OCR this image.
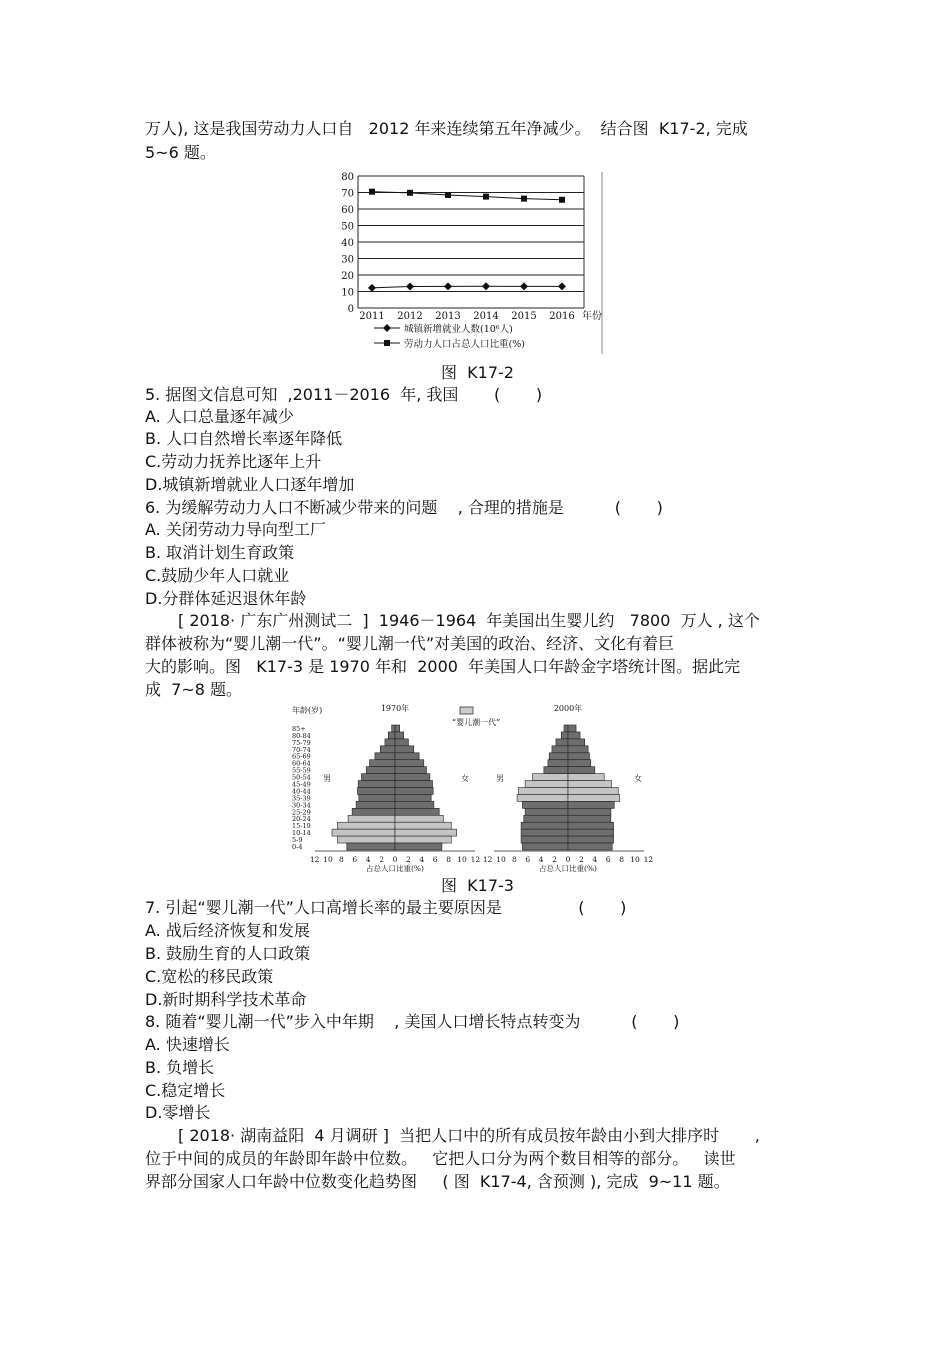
万人), 这是我国劳动力人口自   2012 年来连续第五年净减少。  结合图  K17-2, 完成
5~6 题。
0
10
20
30
40
50
60
70
80
2011 2012 2013 2014 2015 2016 年份
城镇新增就业人数(10⁶人)
劳动力人口占总人口比重(%)
图  K17-2
5. 据图文信息可知  ,2011－2016  年, 我国       (       )
A. 人口总量逐年减少
B. 人口自然增长率逐年降低
C.劳动力抚养比逐年上升
D.城镇新增就业人口逐年增加
6. 为缓解劳动力人口不断减少带来的问题    , 合理的措施是          (       )
A. 关闭劳动力导向型工厂
B. 取消计划生育政策
C.鼓励少年人口就业
D.分群体延迟退休年龄
[ 2018· 广东广州测试二  ]  1946－1964  年美国出生婴儿约   7800  万人 , 这个
群体被称为“婴儿潮一代”。“婴儿潮一代”对美国的政治、经济、文化有着巨
大的影响。图   K17-3 是 1970 年和  2000  年美国人口年龄金字塔统计图。据此完
成  7~8 题。
年龄(岁)
85+
80-84
75-79
70-74
65-69
60-64
55-59
50-54
45-49
40-44
35-39
30-34
25-29
20-24
15-19
10-14
5-9
0-4
“婴儿潮一代”
1970年
男	女
12 10 8 6 4 2 0 2 4 6 8 10 12
占总人口比重(%)
2000年
男	女
12 10 8 6 4 2 0 2 4 6 8 10 12
占总人口比重(%)
图  K17-3
7. 引起“婴儿潮一代”人口高增长率的最主要原因是               (       )
A. 战后经济恢复和发展
B. 鼓励生育的人口政策
C.宽松的移民政策
D.新时期科学技术革命
8. 随着“婴儿潮一代”步入中年期    , 美国人口增长特点转变为          (       )
A. 快速增长
B. 负增长
C.稳定增长
D.零增长
[ 2018· 湖南益阳  4 月调研 ]  当把人口中的所有成员按年龄由小到大排序时       ,
位于中间的成员的年龄即年龄中位数。   它把人口分为两个数目相等的部分。   读世
界部分国家人口年龄中位数变化趋势图     ( 图  K17-4, 含预测 ), 完成  9~11 题。
